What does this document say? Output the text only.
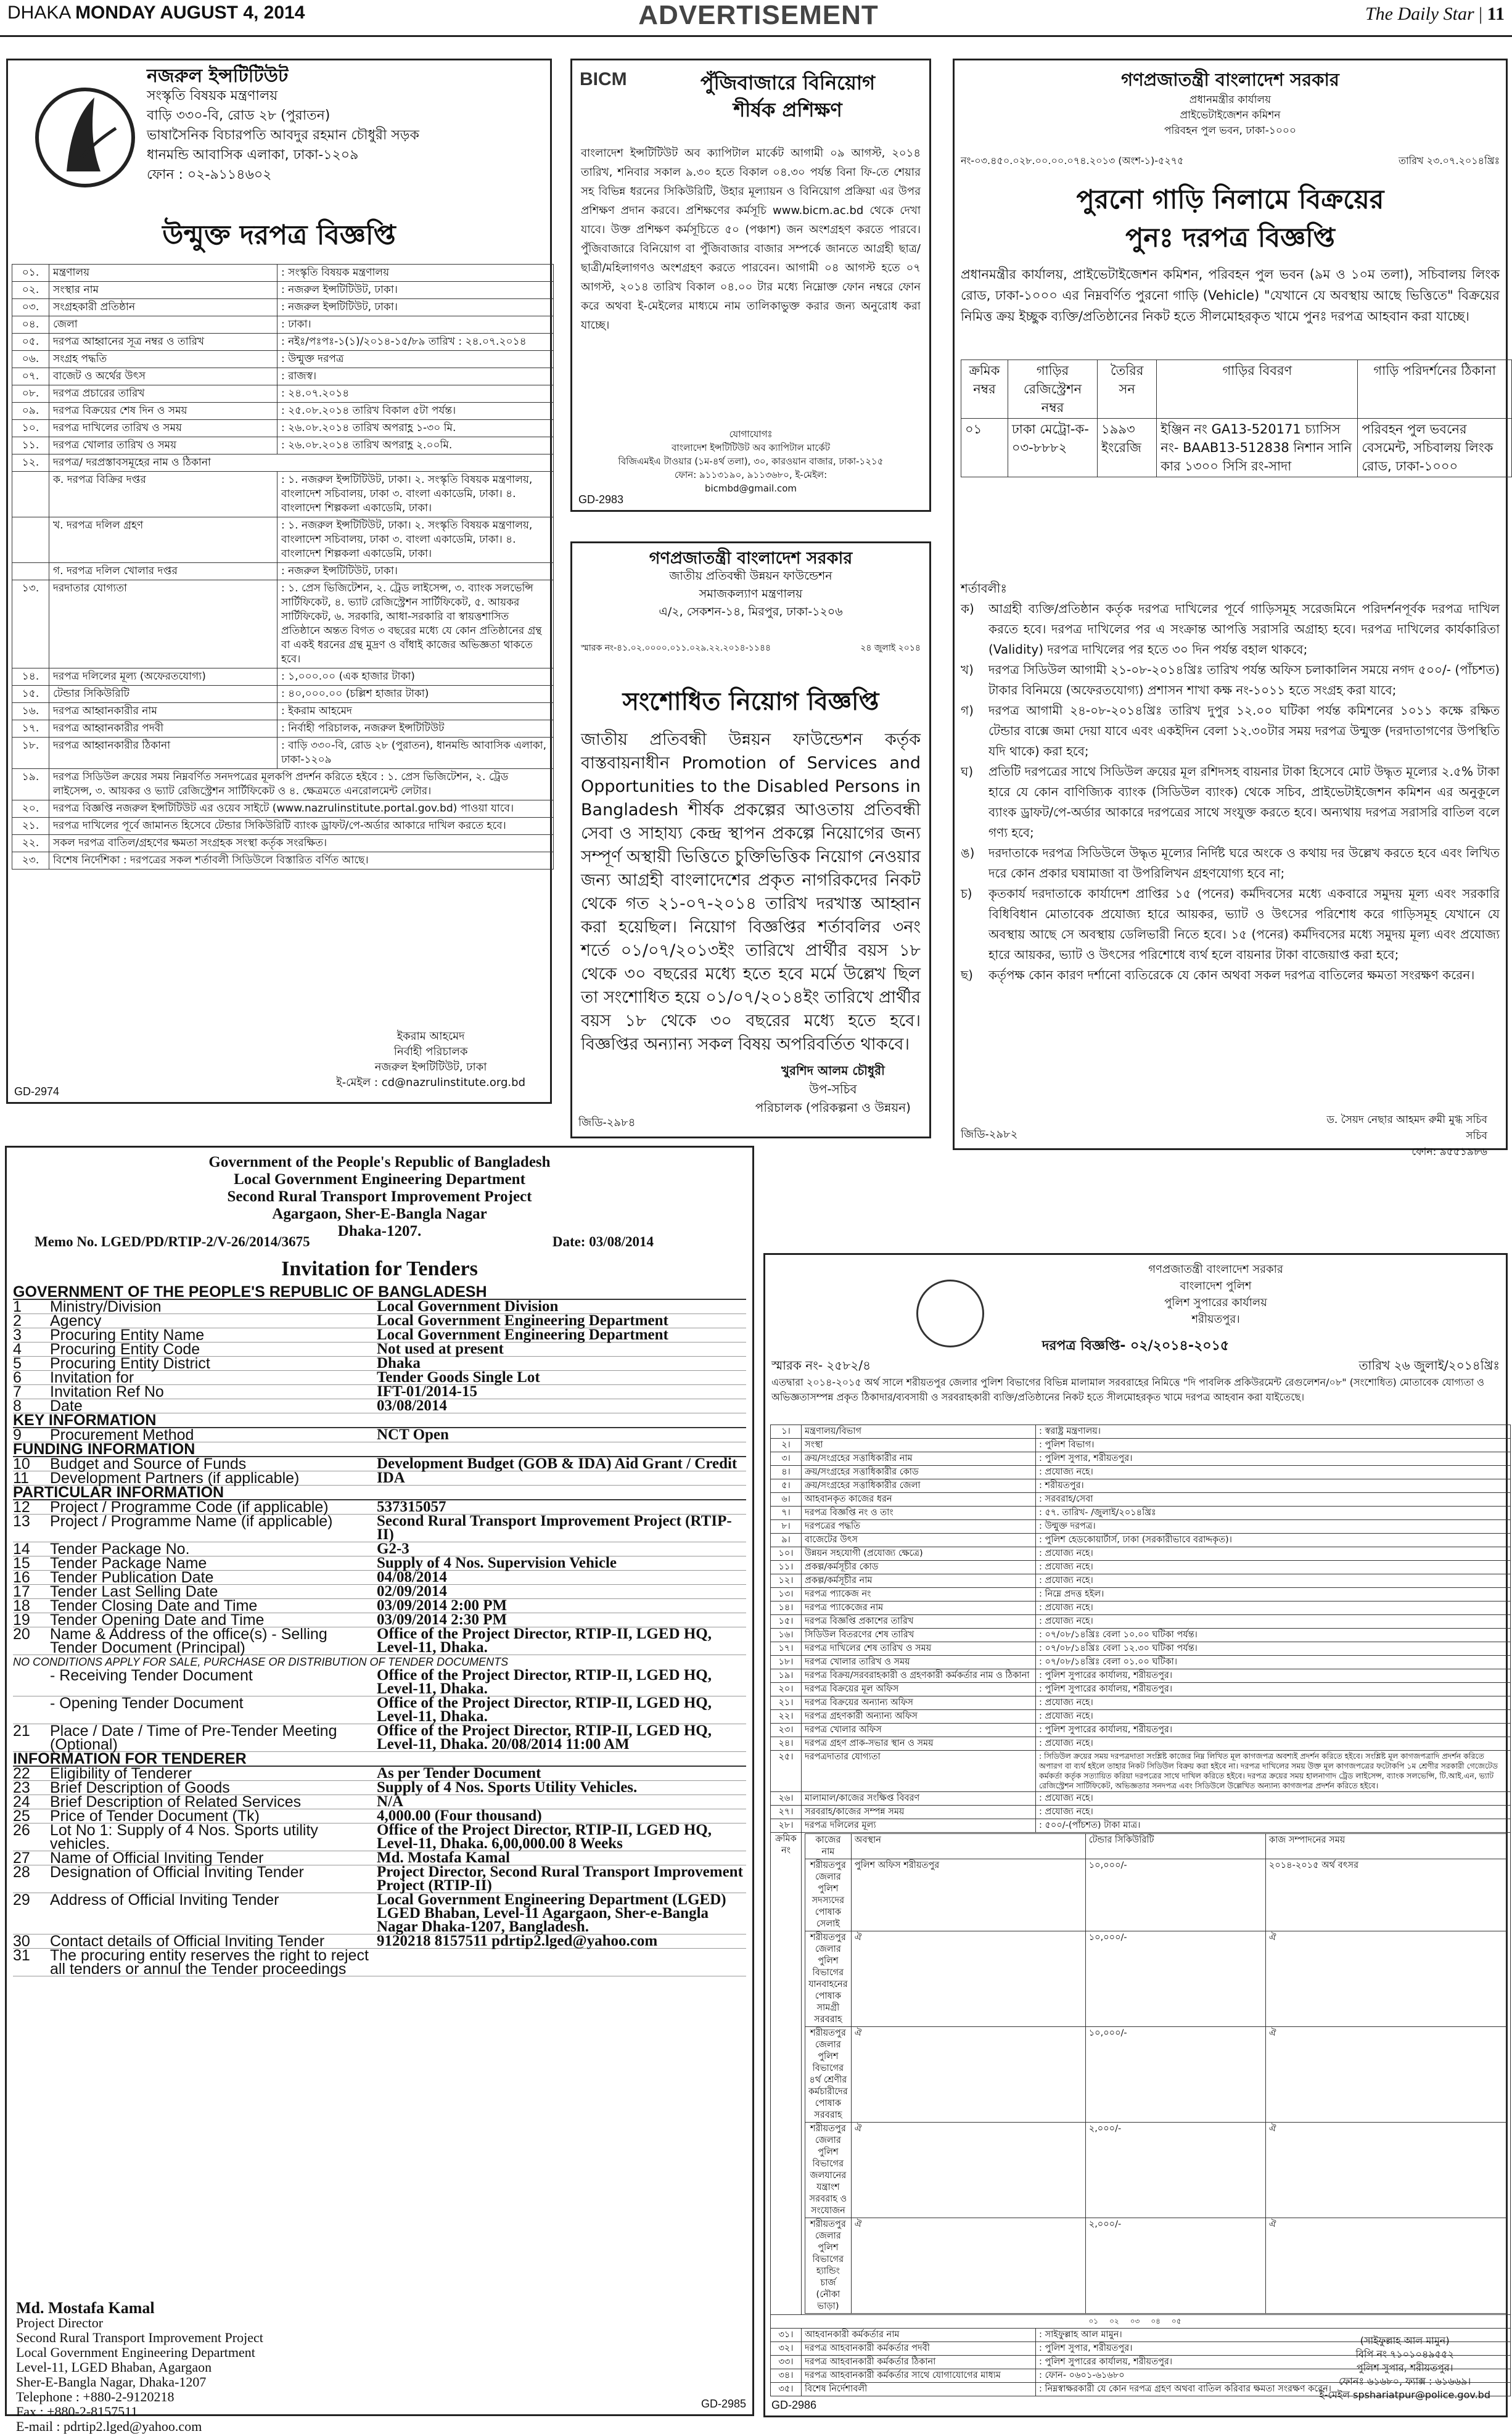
DHAKA MONDAY AUGUST 4, 2014	ADVERTISEMENT	The Daily Star | 11
নজরুল ইন্সটিটিউট
সংস্কৃতি বিষয়ক মন্ত্রণালয়
বাড়ি ৩৩০-বি, রোড ২৮ (পুরাতন)
ভাষাসৈনিক বিচারপতি আবদুর রহমান চৌধুরী সড়ক
ধানমন্ডি আবাসিক এলাকা, ঢাকা-১২০৯
ফোন : ০২-৯১১৪৬০২
উন্মুক্ত দরপত্র বিজ্ঞপ্তি
০১.	মন্ত্রণালয়	: সংস্কৃতি বিষয়ক মন্ত্রণালয়
০২.	সংস্থার নাম	: নজরুল ইন্সটিটিউট, ঢাকা।
০৩.	সংগ্রহকারী প্রতিষ্ঠান	: নজরুল ইন্সটিটিউট, ঢাকা।
০৪.	জেলা	: ঢাকা।
০৫.	দরপত্র আহ্বানের সূত্র নম্বর ও তারিখ	: নইঃ/পঃপঃ-১(১)/২০১৪-১৫/৮৯ তারিখ : ২৪.০৭.২০১৪
০৬.	সংগ্রহ পদ্ধতি	: উন্মুক্ত দরপত্র
০৭.	বাজেট ও অর্থের উৎস	: রাজস্ব।
০৮.	দরপত্র প্রচারের তারিখ	: ২৪.০৭.২০১৪
০৯.	দরপত্র বিক্রয়ের শেষ দিন ও সময়	: ২৫.০৮.২০১৪ তারিখ বিকাল ৫টা পর্যন্ত।
১০.	দরপত্র দাখিলের তারিখ ও সময়	: ২৬.০৮.২০১৪ তারিখ অপরাহ্ণ ১-৩০ মি.
১১.	দরপত্র খোলার তারিখ ও সময়	: ২৬.০৮.২০১৪ তারিখ অপরাহ্ণ ২.০০মি.
১২.	দরপত্র/ দরপ্রস্তাবসমূহের নাম ও ঠিকানা	
	ক. দরপত্র বিক্রির দপ্তর	: ১. নজরুল ইন্সটিটিউট, ঢাকা। ২. সংস্কৃতি বিষয়ক মন্ত্রণালয়, বাংলাদেশ সচিবালয়, ঢাকা ৩. বাংলা একাডেমি, ঢাকা। ৪. বাংলাদেশ শিল্পকলা একাডেমি, ঢাকা।
	খ. দরপত্র দলিল গ্রহণ	: ১. নজরুল ইন্সটিটিউট, ঢাকা। ২. সংস্কৃতি বিষয়ক মন্ত্রণালয়, বাংলাদেশ সচিবালয়, ঢাকা ৩. বাংলা একাডেমি, ঢাকা। ৪. বাংলাদেশ শিল্পকলা একাডেমি, ঢাকা।
	গ. দরপত্র দলিল খোলার দপ্তর	: নজরুল ইন্সটিটিউট, ঢাকা।
১৩.	দরদাতার যোগ্যতা	: ১. প্রেস ভিজিটেশন, ২. ট্রেড লাইসেন্স, ৩. ব্যাংক সলভেন্সি সার্টিফিকেট, ৪. ভ্যাট রেজিস্ট্রেশন সার্টিফিকেট, ৫. আয়কর সার্টিফিকেট, ৬. সরকারি, আধা-সরকারি বা স্বায়ত্তশাসিত প্রতিষ্ঠানে অন্তত বিগত ৩ বছরের মধ্যে যে কোন প্রতিষ্ঠানের গ্রন্থ বা একই ধরনের গ্রন্থ মুদ্রণ ও বাঁধাই কাজের অভিজ্ঞতা থাকতে হবে।
১৪.	দরপত্র দলিলের মূল্য (অফেরতযোগ্য)	: ১,০০০.০০ (এক হাজার টাকা)
১৫.	টেন্ডার সিকিউরিটি	: ৪০,০০০.০০ (চল্লিশ হাজার টাকা)
১৬.	দরপত্র আহ্বানকারীর নাম	: ইকরাম আহমেদ
১৭.	দরপত্র আহ্বানকারীর পদবী	: নির্বাহী পরিচালক, নজরুল ইন্সটিটিউট
১৮.	দরপত্র আহ্বানকারীর ঠিকানা	: বাড়ি ৩৩০-বি, রোড ২৮ (পুরাতন), ধানমন্ডি আবাসিক এলাকা, ঢাকা-১২০৯
১৯.	দরপত্র সিডিউল ক্রয়ের সময় নিম্নবর্ণিত সনদপত্রের মূলকপি প্রদর্শন করিতে হইবে : ১. প্রেস ভিজিটেশন, ২. ট্রেড লাইসেন্স, ৩. আয়কর ও ভ্যাট রেজিস্ট্রেশন সার্টিফিকেট ও ৪. ক্ষেত্রমতে এনরোলমেন্ট লেটার।	
২০.	দরপত্র বিজ্ঞপ্তি নজরুল ইন্সটিটিউট এর ওয়েব সাইটে (www.nazrulinstitute.portal.gov.bd) পাওয়া যাবে।	
২১.	দরপত্র দাখিলের পূর্বে জামানত হিসেবে টেন্ডার সিকিউরিটি ব্যাংক ড্রাফট/পে-অর্ডার আকারে দাখিল করতে হবে।	
২২.	সকল দরপত্র বাতিল/গ্রহণের ক্ষমতা সংগ্রহক সংস্থা কর্তৃক সংরক্ষিত।	
২৩.	বিশেষ নির্দেশিকা : দরপত্রের সকল শর্তাবলী সিডিউলে বিস্তারিত বর্ণিত আছে।	
ইকরাম আহমেদ
নির্বাহী পরিচালক
নজরুল ইন্সটিটিউট, ঢাকা
ই-মেইল : cd@nazrulinstitute.org.bd
GD-2974
BICM	পুঁজিবাজারে বিনিয়োগ
শীর্ষক প্রশিক্ষণ
বাংলাদেশ ইন্সটিটিউট অব ক্যাপিটাল মার্কেট আগামী ০৯ আগস্ট, ২০১৪ তারিখ, শনিবার সকাল ৯.৩০ হতে বিকাল ০৪.৩০ পর্যন্ত বিনা ফি-তে শেয়ার সহ বিভিন্ন ধরনের সিকিউরিটি, উহার মূল্যায়ন ও বিনিয়োগ প্রক্রিয়া এর উপর প্রশিক্ষণ প্রদান করবে। প্রশিক্ষণের কর্মসূচি www.bicm.ac.bd থেকে দেখা যাবে। উক্ত প্রশিক্ষণ কর্মসূচিতে ৫০ (পঞ্চাশ) জন অংশগ্রহণ করতে পারবে। পুঁজিবাজারে বিনিয়োগ বা পুঁজিবাজার বাজার সম্পর্কে জানতে আগ্রহী ছাত্র/ছাত্রী/মহিলাগণও অংশগ্রহণ করতে পারবেন। আগামী ০৪ আগস্ট হতে ০৭ আগস্ট, ২০১৪ তারিখ বিকাল ০৪.০০ টার মধ্যে নিম্নোক্ত ফোন নম্বরে ফোন করে অথবা ই-মেইলের মাধ্যমে নাম তালিকাভুক্ত করার জন্য অনুরোধ করা যাচ্ছে।
যোগাযোগঃ
বাংলাদেশ ইন্সটিটিউট অব ক্যাপিটাল মার্কেট
বিজিএমইএ টাওয়ার (১ম-৪র্থ তলা), ৩০, কারওয়ান বাজার, ঢাকা-১২১৫
ফোন: ৯১১৩১৯০, ৯১১৩৬৮০, ই-মেইল:
bicmbd@gmail.com
GD-2983
গণপ্রজাতন্ত্রী বাংলাদেশ সরকার
জাতীয় প্রতিবন্ধী উন্নয়ন ফাউন্ডেশন
সমাজকল্যাণ মন্ত্রণালয়
এ/২, সেকশন-১৪, মিরপুর, ঢাকা-১২০৬
স্মারক নং-৪১.০২.০০০০.০১১.০২৯.২২.২০১৪-১১৪৪	২৪ জুলাই ২০১৪
সংশোধিত নিয়োগ বিজ্ঞপ্তি
জাতীয় প্রতিবন্ধী উন্নয়ন ফাউন্ডেশন কর্তৃক বাস্তবায়নাধীন Promotion of Services and Opportunities to the Disabled Persons in Bangladesh শীর্ষক প্রকল্পের আওতায় প্রতিবন্ধী সেবা ও সাহায্য কেন্দ্র স্থাপন প্রকল্পে নিয়োগের জন্য সম্পূর্ণ অস্থায়ী ভিত্তিতে চুক্তিভিত্তিক নিয়োগ নেওয়ার জন্য আগ্রহী বাংলাদেশের প্রকৃত নাগরিকদের নিকট থেকে গত ২১-০৭-২০১৪ তারিখ দরখাস্ত আহ্বান করা হয়েছিল। নিয়োগ বিজ্ঞপ্তির শর্তাবলির ৩নং শর্তে ০১/০৭/২০১৩ইং তারিখে প্রার্থীর বয়স ১৮ থেকে ৩০ বছরের মধ্যে হতে হবে মর্মে উল্লেখ ছিল তা সংশোধিত হয়ে ০১/০৭/২০১৪ইং তারিখে প্রার্থীর বয়স ১৮ থেকে ৩০ বছরের মধ্যে হতে হবে। বিজ্ঞপ্তির অন্যান্য সকল বিষয় অপরিবর্তিত থাকবে।
খুরশিদ আলম চৌধুরী
উপ-সচিব
পরিচালক (পরিকল্পনা ও উন্নয়ন)
জিডি-২৯৮৪
গণপ্রজাতন্ত্রী বাংলাদেশ সরকার
প্রধানমন্ত্রীর কার্যালয়
প্রাইভেটাইজেশন কমিশন
পরিবহন পুল ভবন, ঢাকা-১০০০
নং-০৩.৪৫০.০২৮.০০.০০.০৭৪.২০১৩ (অংশ-১)-৫২৭৫	তারিখ ২৩.০৭.২০১৪খ্রিঃ
পুরনো গাড়ি নিলামে বিক্রয়ের
পুনঃ দরপত্র বিজ্ঞপ্তি
প্রধানমন্ত্রীর কার্যালয়, প্রাইভেটাইজেশন কমিশন, পরিবহন পুল ভবন (৯ম ও ১০ম তলা), সচিবালয় লিংক রোড, ঢাকা-১০০০ এর নিম্নবর্ণিত পুরনো গাড়ি (Vehicle) "যেখানে যে অবস্থায় আছে ভিত্তিতে" বিক্রয়ের নিমিত্ত ক্রয় ইচ্ছুক ব্যক্তি/প্রতিষ্ঠানের নিকট হতে সীলমোহরকৃত খামে পুনঃ দরপত্র আহবান করা যাচ্ছে।
ক্রমিক নম্বর	গাড়ির রেজিস্ট্রেশন নম্বর	তৈরির সন	গাড়ির বিবরণ	গাড়ি পরিদর্শনের ঠিকানা
০১	ঢাকা মেট্রো-ক- ০৩-৮৮৮২	১৯৯৩ ইংরেজি	ইঞ্জিন নং GA13-520171 চ্যাসিস নং- BAAB13-512838 নিশান সানি কার ১৩০০ সিসি রং-সাদা	পরিবহন পুল ভবনের বেসমেন্ট, সচিবালয় লিংক রোড, ঢাকা-১০০০
শর্তাবলীঃ
ক)	আগ্রহী ব্যক্তি/প্রতিষ্ঠান কর্তৃক দরপত্র দাখিলের পূর্বে গাড়িসমূহ সরেজমিনে পরিদর্শনপূর্বক দরপত্র দাখিল করতে হবে। দরপত্র দাখিলের পর এ সংক্রান্ত আপত্তি সরাসরি অগ্রাহ্য হবে। দরপত্র দাখিলের কার্যকারিতা (Validity) দরপত্র দাখিলের পর হতে ৩০ দিন পর্যন্ত বহাল থাকবে;
খ)	দরপত্র সিডিউল আগামী ২১-০৮-২০১৪খ্রিঃ তারিখ পর্যন্ত অফিস চলাকালিন সময়ে নগদ ৫০০/- (পাঁচশত) টাকার বিনিময়ে (অফেরতযোগ্য) প্রশাসন শাখা কক্ষ নং-১০১১ হতে সংগ্রহ করা যাবে;
গ)	দরপত্র আগামী ২৪-০৮-২০১৪খ্রিঃ তারিখ দুপুর ১২.০০ ঘটিকা পর্যন্ত কমিশনের ১০১১ কক্ষে রক্ষিত টেন্ডার বাক্সে জমা দেয়া যাবে এবং একইদিন বেলা ১২.৩০টার সময় দরপত্র উন্মুক্ত (দরদাতাগণের উপস্থিতি যদি থাকে) করা হবে;
ঘ)	প্রতিটি দরপত্রের সাথে সিডিউল ক্রয়ের মূল রশিদসহ বায়নার টাকা হিসেবে মোট উদ্ধৃত মূল্যের ২.৫% টাকা হারে যে কোন বাণিজ্যিক ব্যাংক (সিডিউল ব্যাংক) থেকে সচিব, প্রাইভেটাইজেশন কমিশন এর অনুকূলে ব্যাংক ড্রাফট/পে-অর্ডার আকারে দরপত্রের সাথে সংযুক্ত করতে হবে। অন্যথায় দরপত্র সরাসরি বাতিল বলে গণ্য হবে;
ঙ)	দরদাতাকে দরপত্র সিডিউলে উদ্ধৃত মূল্যের নির্দিষ্ট ঘরে অংকে ও কথায় দর উল্লেখ করতে হবে এবং লিখিত দরে কোন প্রকার ঘষামাজা বা উপরিলিখন গ্রহণযোগ্য হবে না;
চ)	কৃতকার্য দরদাতাকে কার্যাদেশ প্রাপ্তির ১৫ (পনের) কর্মদিবসের মধ্যে একবারে সমুদয় মূল্য এবং সরকারি বিধিবিধান মোতাবেক প্রযোজ্য হারে আয়কর, ভ্যাট ও উৎসের পরিশোধ করে গাড়িসমূহ যেখানে যে অবস্থায় আছে সে অবস্থায় ডেলিভারী নিতে হবে। ১৫ (পনের) কর্মদিবসের মধ্যে সমুদয় মূল্য এবং প্রযোজ্য হারে আয়কর, ভ্যাট ও উৎসের পরিশোধে ব্যর্থ হলে বায়নার টাকা বাজেয়াপ্ত করা হবে;
ছ)	কর্তৃপক্ষ কোন কারণ দর্শানো ব্যতিরেকে যে কোন অথবা সকল দরপত্র বাতিলের ক্ষমতা সংরক্ষণ করেন।
ড. সৈয়দ নেছার আহমদ রুমী মুগ্ধ সচিব
সচিব
ফোন: ৯৫৫১৯৮৬
জিডি-২৯৮২
Government of the People's Republic of Bangladesh
Local Government Engineering Department
Second Rural Transport Improvement Project
Agargaon, Sher-E-Bangla Nagar
Dhaka-1207.
Memo No. LGED/PD/RTIP-2/V-26/2014/3675	Date: 03/08/2014
Invitation for Tenders
GOVERNMENT OF THE PEOPLE'S REPUBLIC OF BANGLADESH
1	Ministry/Division	Local Government Division
2	Agency	Local Government Engineering Department
3	Procuring Entity Name	Local Government Engineering Department
4	Procuring Entity Code	Not used at present
5	Procuring Entity District	Dhaka
6	Invitation for	Tender Goods Single Lot
7	Invitation Ref No	IFT-01/2014-15
8	Date	03/08/2014
KEY INFORMATION
9	Procurement Method	NCT Open
FUNDING INFORMATION
10	Budget and Source of Funds	Development Budget (GOB & IDA) Aid Grant / Credit
11	Development Partners (if applicable)	IDA
PARTICULAR INFORMATION
12	Project / Programme Code (if applicable)	537315057
13	Project / Programme Name (if applicable)	Second Rural Transport Improvement Project (RTIP-II)
14	Tender Package No.	G2-3
15	Tender Package Name	Supply of 4 Nos. Supervision Vehicle
16	Tender Publication Date	04/08/2014
17	Tender Last Selling Date	02/09/2014
18	Tender Closing Date and Time	03/09/2014 2:00 PM
19	Tender Opening Date and Time	03/09/2014 2:30 PM
20	Name & Address of the office(s) - Selling Tender Document (Principal)
Office of the Project Director, RTIP-II, LGED HQ, Level-11, Dhaka.
NO CONDITIONS APPLY FOR SALE, PURCHASE OR DISTRIBUTION OF TENDER DOCUMENTS
- Receiving Tender Document	Office of the Project Director, RTIP-II, LGED HQ, Level-11, Dhaka.
- Opening Tender Document	Office of the Project Director, RTIP-II, LGED HQ, Level-11, Dhaka.
21	Place / Date / Time of Pre-Tender Meeting (Optional)
Office of the Project Director, RTIP-II, LGED HQ, Level-11, Dhaka. 20/08/2014 11:00 AM
INFORMATION FOR TENDERER
22	Eligibility of Tenderer	As per Tender Document
23	Brief Description of Goods	Supply of 4 Nos. Sports Utility Vehicles.
24	Brief Description of Related Services	N/A
25	Price of Tender Document (Tk)	4,000.00 (Four thousand)
26	Lot No 1: Supply of 4 Nos. Sports utility vehicles.
Office of the Project Director, RTIP-II, LGED HQ, Level-11, Dhaka. 6,00,000.00 8 Weeks
27	Name of Official Inviting Tender	Md. Mostafa Kamal
28	Designation of Official Inviting Tender	Project Director, Second Rural Transport Improvement Project (RTIP-II)
29	Address of Official Inviting Tender	Local Government Engineering Department (LGED) LGED Bhaban, Level-11 Agargaon, Sher-e-Bangla Nagar Dhaka-1207, Bangladesh.
30	Contact details of Official Inviting Tender	9120218 8157511 pdrtip2.lged@yahoo.com
31	The procuring entity reserves the right to reject all tenders or annul the Tender proceedings
Md. Mostafa Kamal
Project Director
Second Rural Transport Improvement Project
Local Government Engineering Department
Level-11, LGED Bhaban, Agargaon
Sher-E-Bangla Nagar, Dhaka-1207
Telephone : +880-2-9120218
Fax : +880-2-8157511
E-mail : pdrtip2.lged@yahoo.com
GD-2985
গণপ্রজাতন্ত্রী বাংলাদেশ সরকার
বাংলাদেশ পুলিশ
পুলিশ সুপারের কার্যালয়
শরীয়তপুর।
দরপত্র বিজ্ঞপ্তি- ০২/২০১৪-২০১৫
স্মারক নং- ২৫৮২/৪	তারিখ ২৬ জুলাই/২০১৪খ্রিঃ
এতদ্বারা ২০১৪-২০১৫ অর্থ সালে শরীয়তপুর জেলার পুলিশ বিভাগের বিভিন্ন মালামাল সরবরাহের নিমিত্তে "দি পাবলিক প্রকিউরমেন্ট রেগুলেশন/০৮" (সংশোধিত) মোতাবেক যোগ্যতা ও অভিজ্ঞতাসম্পন্ন প্রকৃত ঠিকাদার/ব্যবসায়ী ও সরবরাহকারী ব্যক্তি/প্রতিষ্ঠানের নিকট হতে সীলমোহরকৃত খামে দরপত্র আহবান করা যাইতেছে।
১।	মন্ত্রণালয়/বিভাগ	: স্বরাষ্ট্র মন্ত্রণালয়।
২।	সংস্থা	: পুলিশ বিভাগ।
৩।	ক্রয়/সংগ্রহের সত্তাধিকারীর নাম	: পুলিশ সুপার, শরীয়তপুর।
৪।	ক্রয়/সংগ্রহের সত্তাধিকারীর কোড	: প্রযোজ্য নহে।
৫।	ক্রয়/সংগ্রহের সত্তাধিকারীর জেলা	: শরীয়তপুর।
৬।	আহবানকৃত কাজের ধরন	: সরবরাহ/সেবা
৭।	দরপত্র বিজ্ঞপ্তি নং ও তাং	: ৫৭. তারিখ- /জুলাই/২০১৪খ্রিঃ
৮।	দরপত্রের পদ্ধতি	: উন্মুক্ত দরপত্র।
৯।	বাজেটের উৎস	: পুলিশ হেডকোয়ার্টার্স, ঢাকা (সরকারীভাবে বরাদ্দকৃত)।
১০।	উন্নয়ন সহযোগী (প্রযোজ্য ক্ষেত্রে)	: প্রযোজ্য নহে।
১১।	প্রকল্প/কর্মসূচীর কোড	: প্রযোজ্য নহে।
১২।	প্রকল্প/কর্মসূচীর নাম	: প্রযোজ্য নহে।
১৩।	দরপত্র প্যাকেজ নং	: নিম্নে প্রদত্ত হইল।
১৪।	দরপত্র প্যাকেজের নাম	: প্রযোজ্য নহে।
১৫।	দরপত্র বিজ্ঞপ্তি প্রকাশের তারিখ	: প্রযোজ্য নহে।
১৬।	সিডিউল বিতরণের শেষ তারিখ	: ০৭/০৮/১৪খ্রিঃ বেলা ১০.০০ ঘটিকা পর্যন্ত।
১৭।	দরপত্র দাখিলের শেষ তারিখ ও সময়	: ০৭/০৮/১৪খ্রিঃ বেলা ১২.৩০ ঘটিকা পর্যন্ত।
১৮।	দরপত্র খোলার তারিখ ও সময়	: ০৭/০৮/১৪খ্রিঃ বেলা ০১.০০ ঘটিকা।
১৯।	দরপত্র বিক্রয়/সরবরাহকারী ও গ্রহণকারী কর্মকর্তার নাম ও ঠিকানা	: পুলিশ সুপারের কার্যালয়, শরীয়তপুর।
২০।	দরপত্র বিক্রয়ের মূল অফিস	: পুলিশ সুপারের কার্যালয়, শরীয়তপুর।
২১।	দরপত্র বিক্রয়ের অন্যান্য অফিস	: প্রযোজ্য নহে।
২২।	দরপত্র গ্রহণকারী অন্যান্য অফিস	: প্রযোজ্য নহে।
২৩।	দরপত্র খোলার অফিস	: পুলিশ সুপারের কার্যালয়, শরীয়তপুর।
২৪।	দরপত্র গ্রহণ প্রাক-সভার স্থান ও সময়	: প্রযোজ্য নহে।
২৫।	দরপত্রদাতার যোগ্যতা	: সিডিউল ক্রয়ের সময় দরপত্রদাতা সংশ্লিষ্ট কাজের নিম্ন লিখিত মূল কাগজপত্র অবশ্যই প্রদর্শন করিতে হইবে। সংশ্লিষ্ট মূল কাগজপত্রাদি প্রদর্শন করিতে অপারগ বা ব্যর্থ হইলে তাহার নিকট সিডিউল বিক্রয় করা হইবে না। দরপত্র দাখিলের সময় উক্ত মূল কাগজপত্রের ফটোকপি ১ম শ্রেণীর সরকারী গেজেটেড কর্মকর্তা কর্তৃক সত্যায়িত করিয়া দরপত্রের সাথে দাখিল করিতে হইবে। দরপত্র ক্রয়ের সময় হালনাগাদ ট্রেড লাইসেন্স, ব্যাংক সলভেন্সি, টি.আই.এন, ভ্যাট রেজিস্ট্রেশন সার্টিফিকেট, অভিজ্ঞতার সনদপত্র এবং সিডিউলে উল্লেখিত অন্যান্য কাগজপত্র প্রদর্শন করিতে হইবে।
২৬।	মালামাল/কাজের সংক্ষিপ্ত বিবরণ	: প্রযোজ্য নহে।
২৭।	সরবরাহ/কাজের সম্পন্ন সময়	: প্রযোজ্য নহে।
২৮।	দরপত্র দলিলের মূল্য	: ৫০০/-(পাঁচশত) টাকা মাত্র।
ক্রমিক নং	
কাজের নাম	অবস্থান	টেন্ডার সিকিউরিটি	কাজ সম্পাদনের সময়
শরীয়তপুর জেলার পুলিশ সদস্যদের পোষাক সেলাই	পুলিশ অফিস শরীয়তপুর	১০,০০০/-	২০১৪-২০১৫ অর্থ বৎসর
শরীয়তপুর জেলার পুলিশ বিভাগের যানবাহনের পোষাক সামগ্রী সরবরাহ	ঐ	১০,০০০/-	ঐ
শরীয়তপুর জেলার পুলিশ বিভাগের ৪র্থ শ্রেণীর কর্মচারীদের পোষাক সরবরাহ	ঐ	১০,০০০/-	ঐ
শরীয়তপুর জেলার পুলিশ বিভাগের জলযানের যন্ত্রাংশ সরবরাহ ও সংযোজন	ঐ	২,০০০/-	ঐ
শরীয়তপুর জেলার পুলিশ বিভাগের হ্যান্ডিং চার্জ (নৌকা ভাড়া)	ঐ	২,০০০/-	ঐ

০১ ০২ ০৩ ০৪ ০৫
৩১।	আহবানকারী কর্মকর্তার নাম	: সাইফুল্লাহ আল মামুন।
৩২।	দরপত্র আহবানকারী কর্মকর্তার পদবী	: পুলিশ সুপার, শরীয়তপুর।
৩৩।	দরপত্র আহবানকারী কর্মকর্তার ঠিকানা	: পুলিশ সুপারের কার্যালয়, শরীয়তপুর।
৩৪।	দরপত্র আহবানকারী কর্মকর্তার সাথে যোগাযোগের মাধ্যম	: ফোন- ০৬০১-৬১৬৮০
৩৫।	বিশেষ নির্দেশাবলী	: নিম্নস্বাক্ষরকারী যে কোন দরপত্র গ্রহণ অথবা বাতিল করিবার ক্ষমতা সংরক্ষণ করেন।
(সাইফুল্লাহ আল মামুন)
বিপি নং ৭১০১০৪৯৫৫২
পুলিশ সুপার, শরীয়তপুর।
ফোনঃ ৬১৬৮০, ফ্যাক্স : ৬১৬৬৯।
ই-মেইল spshariatpur@police.gov.bd
GD-2986
